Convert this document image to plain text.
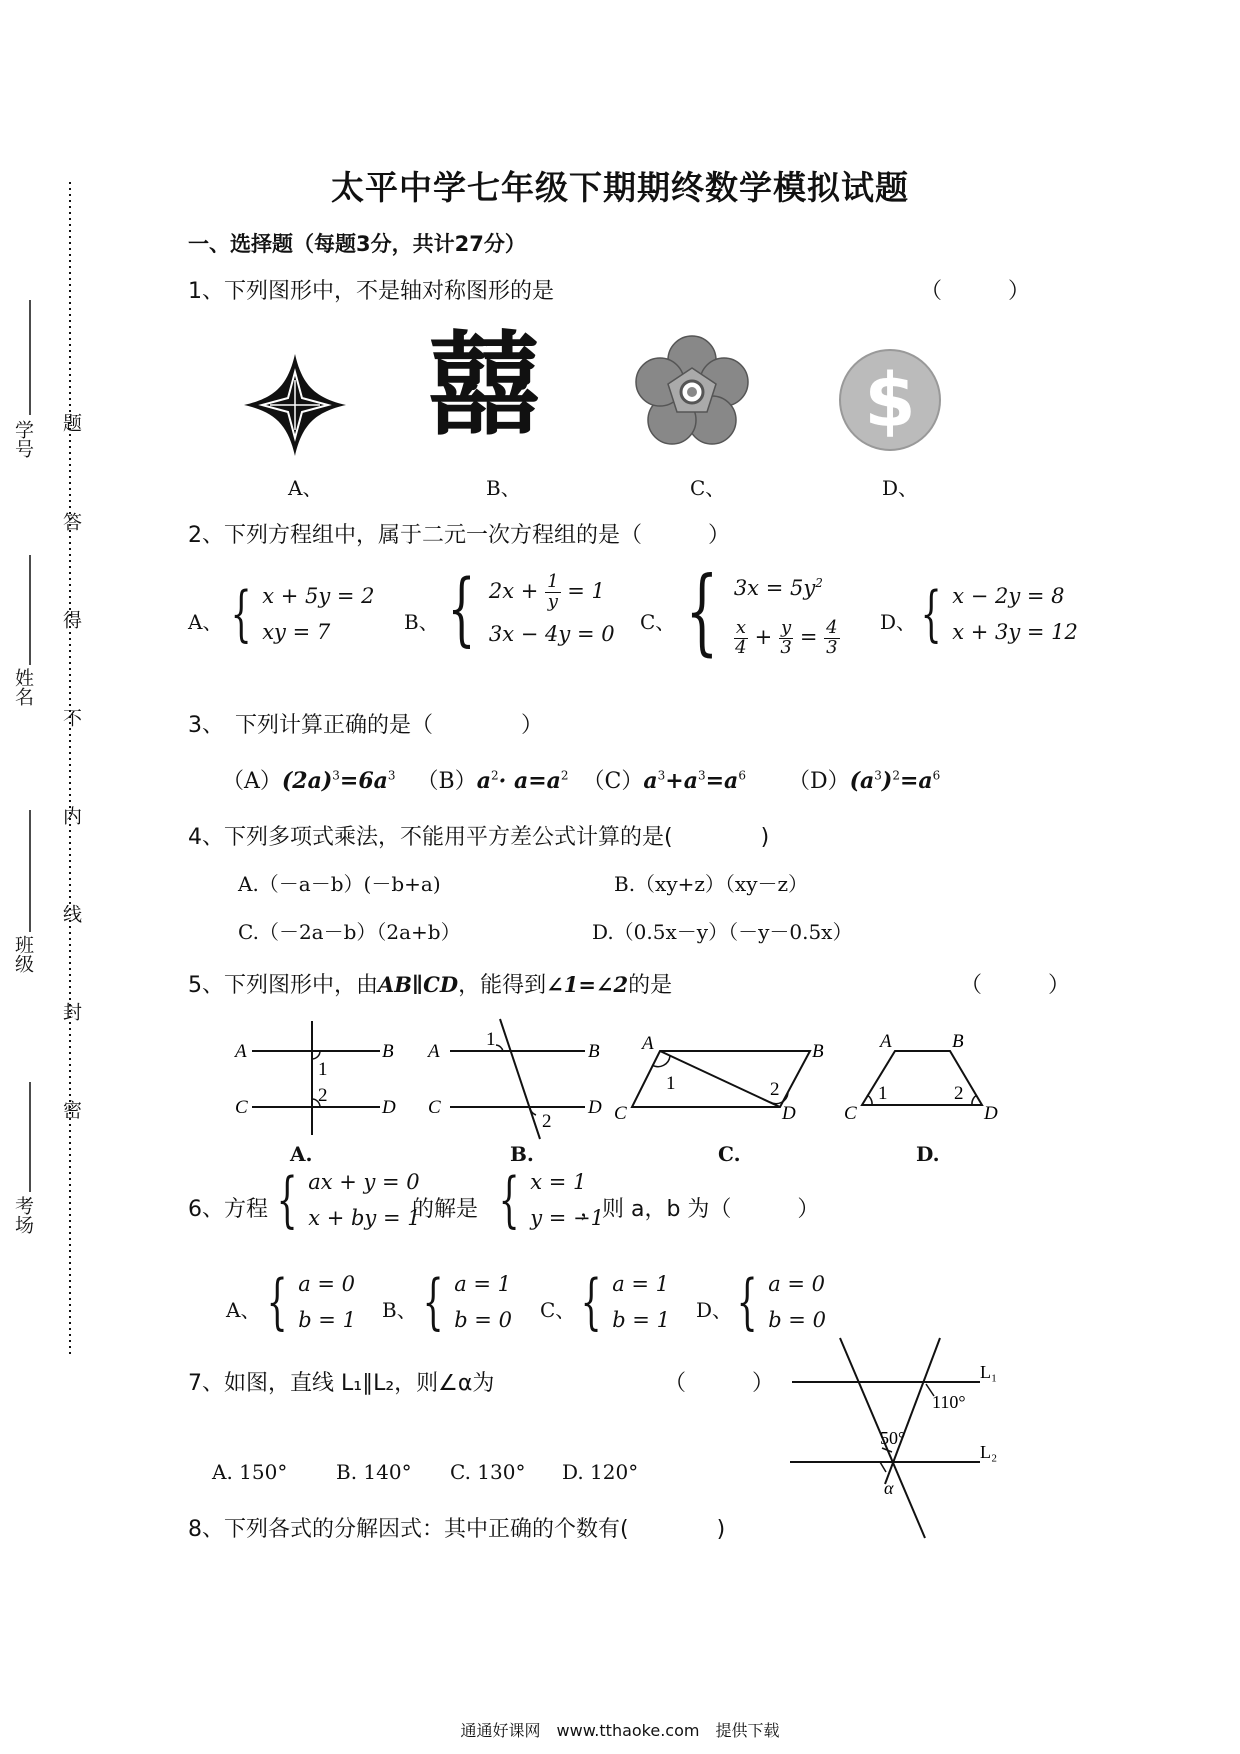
学号
姓名
班级
考场
题
答
得
不
内
线
封
密
太平中学七年级下期期终数学模拟试题
一、选择题（每题3分，共计27分）
1、下列图形中，不是轴对称图形的是	（　　　）
囍	$
A、	B、	C、	D、
2、下列方程组中，属于二元一次方程组的是（　　　）
A、 { x + 5y = 2
xy = 7	B、 { $2x + \frac{1}{y} = 1$
3x − 4y = 0 C、 { $3x = 5y^2$
$\frac{x}{4} + \frac{y}{3} = \frac{4}{3}$ D、 { x − 2y = 8
x + 3y = 12
3、　下列计算正确的是（　　　　）
$(A)(2a)^3=6a^3$ $(B)a^2\cdot a=a^2$ $(C)a^3+a^3=a^6$ $(D)(a^3)^2=a^6$
4、下列多项式乘法，不能用平方差公式计算的是(　　　　)
A.（－a－b）(－b+a)	B.（xy+z）（xy－z）
C.（－2a－b）（2a+b）	D.（0.5x－y）（－y－0.5x）
5、下列图形中，由AB∥CD，能得到∠1=∠2的是	（　　　）
A	B
C	D
1
2
A	B
C	D
1
2
A	B
C	D
1	2
A	B
C	D
1	2
A.	B.	C.	D.
6、方程 { ax + y = 0
x + by = 1
的解是 { x = 1
y = −1
，则 a，b 为（　　　）
A、 { a = 0
b = 1 B、 { a = 1
b = 0 C、 { a = 1
b = 1 D、 { a = 0
b = 0
7、如图，直线 L₁∥L₂，则∠α为	（　　　）
A. 150° B. 140° C. 130° D. 120°
L₁
L₂
110°
50°
α
8、下列各式的分解因式：其中正确的个数有(　　　　)
通通好课网　www.tthaoke.com　提供下载
